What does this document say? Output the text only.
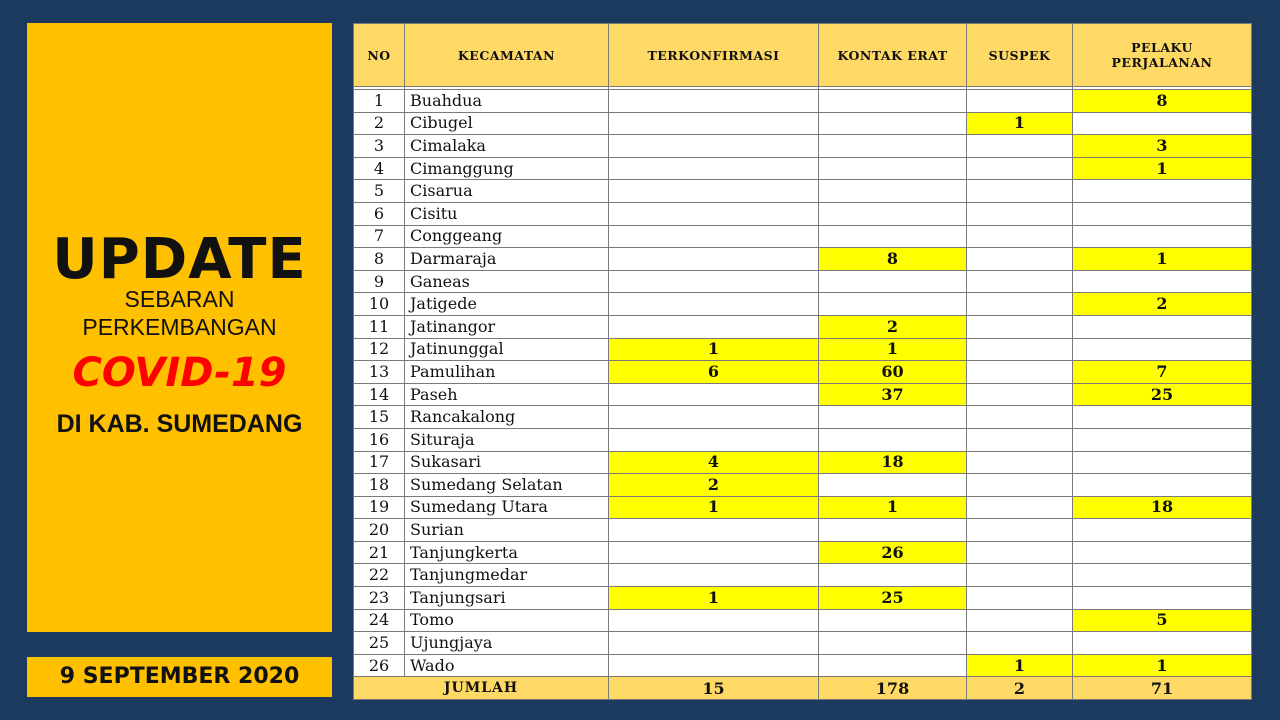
UPDATE
SEBARAN
PERKEMBANGAN
COVID-19
DI KAB. SUMEDANG
9 SEPTEMBER 2020
NO	KECAMATAN	TERKONFIRMASI	KONTAK ERAT	SUSPEK	PELAKU PERJALANAN

1	Buahdua				8
2	Cibugel			1	
3	Cimalaka				3
4	Cimanggung				1
5	Cisarua				
6	Cisitu				
7	Conggeang				
8	Darmaraja		8		1
9	Ganeas				
10	Jatigede				2
11	Jatinangor		2		
12	Jatinunggal	1	1		
13	Pamulihan	6	60		7
14	Paseh		37		25
15	Rancakalong				
16	Situraja				
17	Sukasari	4	18		
18	Sumedang Selatan	2			
19	Sumedang Utara	1	1		18
20	Surian				
21	Tanjungkerta		26		
22	Tanjungmedar				
23	Tanjungsari	1	25		
24	Tomo				5
25	Ujungjaya				
26	Wado			1	1
JUMLAH		15	178	2	71
